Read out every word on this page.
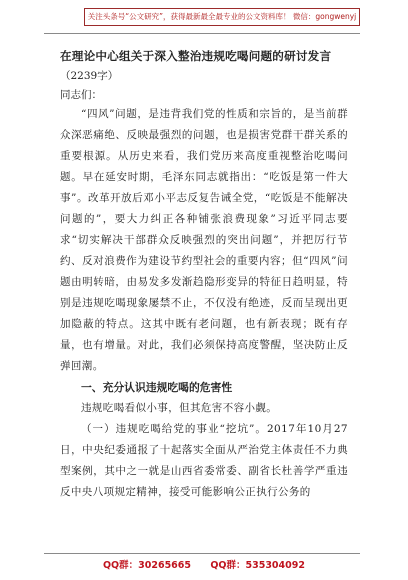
关注头条号“公文研究”，获得最新最全最专业的公文资料库！ 微信：gongwenyj
在理论中心组关于深入整治违规吃喝问题的研讨发言
（2239字）
同志们：

“四风”问题，是违背我们党的性质和宗旨的，是当前群众深恶痛绝、反映最强烈的问题，也是损害党群干群关系的重要根源。从历史来看，我们党历来高度重视整治吃喝问题。早在延安时期，毛泽东同志就指出：“吃饭是第一件大事”。改革开放后邓小平志反复告诫全党，“吃饭是不能解决问题的”，要大力纠正各种铺张浪费现象”习近平同志要求“切实解决干部群众反映强烈的突出问题”，并把厉行节约、反对浪费作为建设节约型社会的重要内容；但“四风”问题由明转暗，由易发多发渐趋隐形变异的特征日趋明显，特别是违规吃喝现象屡禁不止，不仅没有绝迹，反而呈现出更加隐蔽的特点。这其中既有老问题，也有新表现；既有存量，也有增量。对此，我们必须保持高度警醒，坚决防止反弹回潮。

一、充分认识违规吃喝的危害性

违规吃喝看似小事，但其危害不容小觑。

（一）违规吃喝给党的事业“挖坑”。2017年10月27日，中央纪委通报了十起落实全面从严治党主体责任不力典型案例，其中之一就是山西省委常委、副省长杜善学严重违反中央八项规定精神，接受可能影响公正执行公务的

QQ群：30265665 QQ群：535304092
